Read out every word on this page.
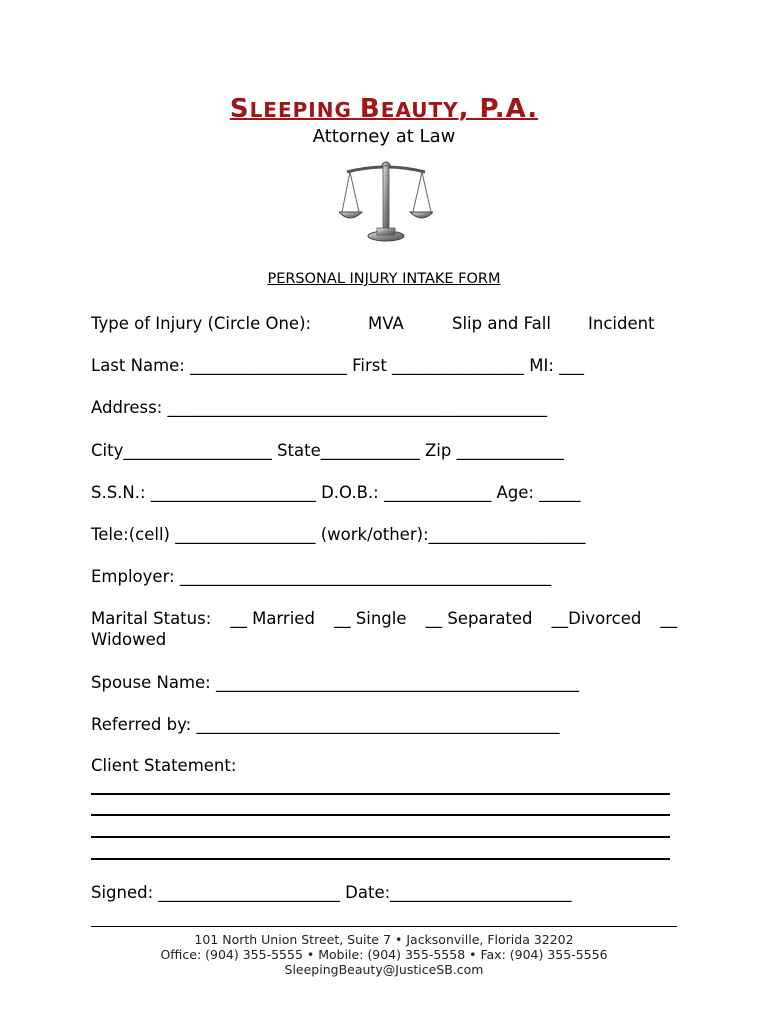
SLEEPING BEAUTY, P.A.
Attorney at Law
PERSONAL INJURY INTAKE FORM
Type of Injury (Circle One):	MVA	Slip and Fall Incident
Last Name: ___________________ First ________________ MI: ___
Address: ______________________________________________
City__________________ State____________ Zip _____________
S.S.N.: ____________________ D.O.B.: _____________ Age: _____
Tele:(cell) _________________ (work/other):___________________
Employer: _____________________________________________
Marital Status: __ Married __ Single __ Separated __Divorced __
Widowed
Spouse Name: ____________________________________________
Referred by: ____________________________________________
Client Statement:
Signed: ______________________ Date:______________________
101 North Union Street, Suite 7 • Jacksonville, Florida 32202
Office: (904) 355-5555 • Mobile: (904) 355-5558 • Fax: (904) 355-5556
SleepingBeauty@JusticeSB.com
